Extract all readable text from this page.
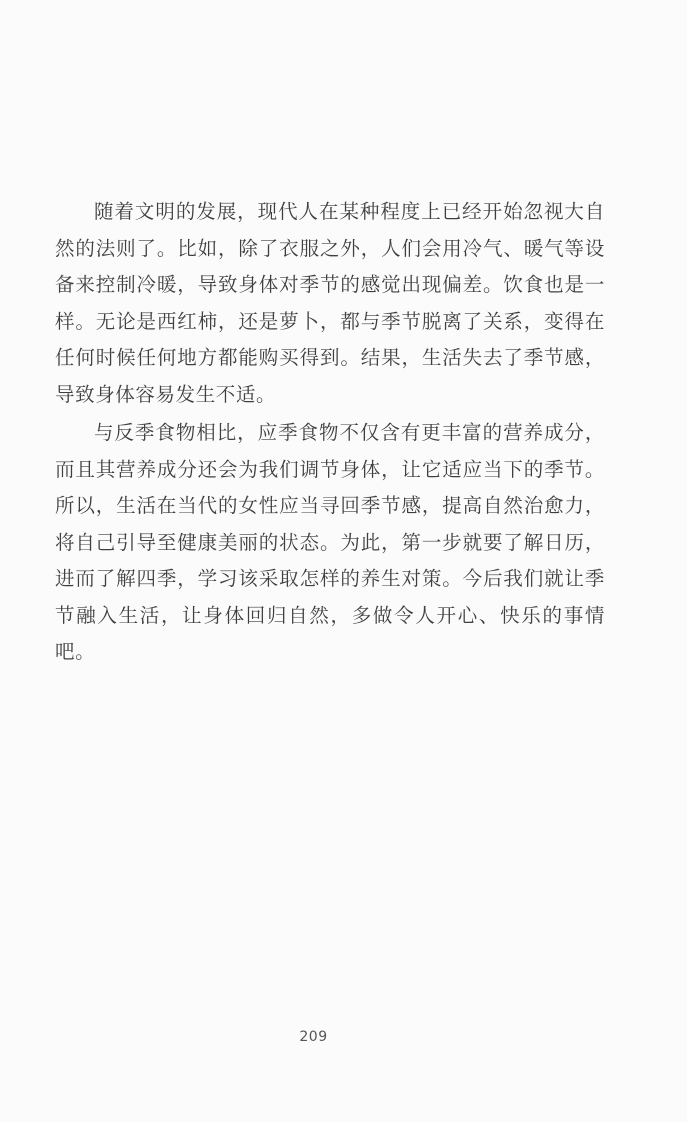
随着文明的发展，现代人在某种程度上已经开始忽视大自然的法则了。比如，除了衣服之外，人们会用冷气、暖气等设备来控制冷暖，导致身体对季节的感觉出现偏差。饮食也是一样。无论是西红柿，还是萝卜，都与季节脱离了关系，变得在任何时候任何地方都能购买得到。结果，生活失去了季节感，导致身体容易发生不适。

与反季食物相比，应季食物不仅含有更丰富的营养成分，而且其营养成分还会为我们调节身体，让它适应当下的季节。所以，生活在当代的女性应当寻回季节感，提高自然治愈力，将自己引导至健康美丽的状态。为此，第一步就要了解日历，进而了解四季，学习该采取怎样的养生对策。今后我们就让季节融入生活，让身体回归自然，多做令人开心、快乐的事情吧。

209
